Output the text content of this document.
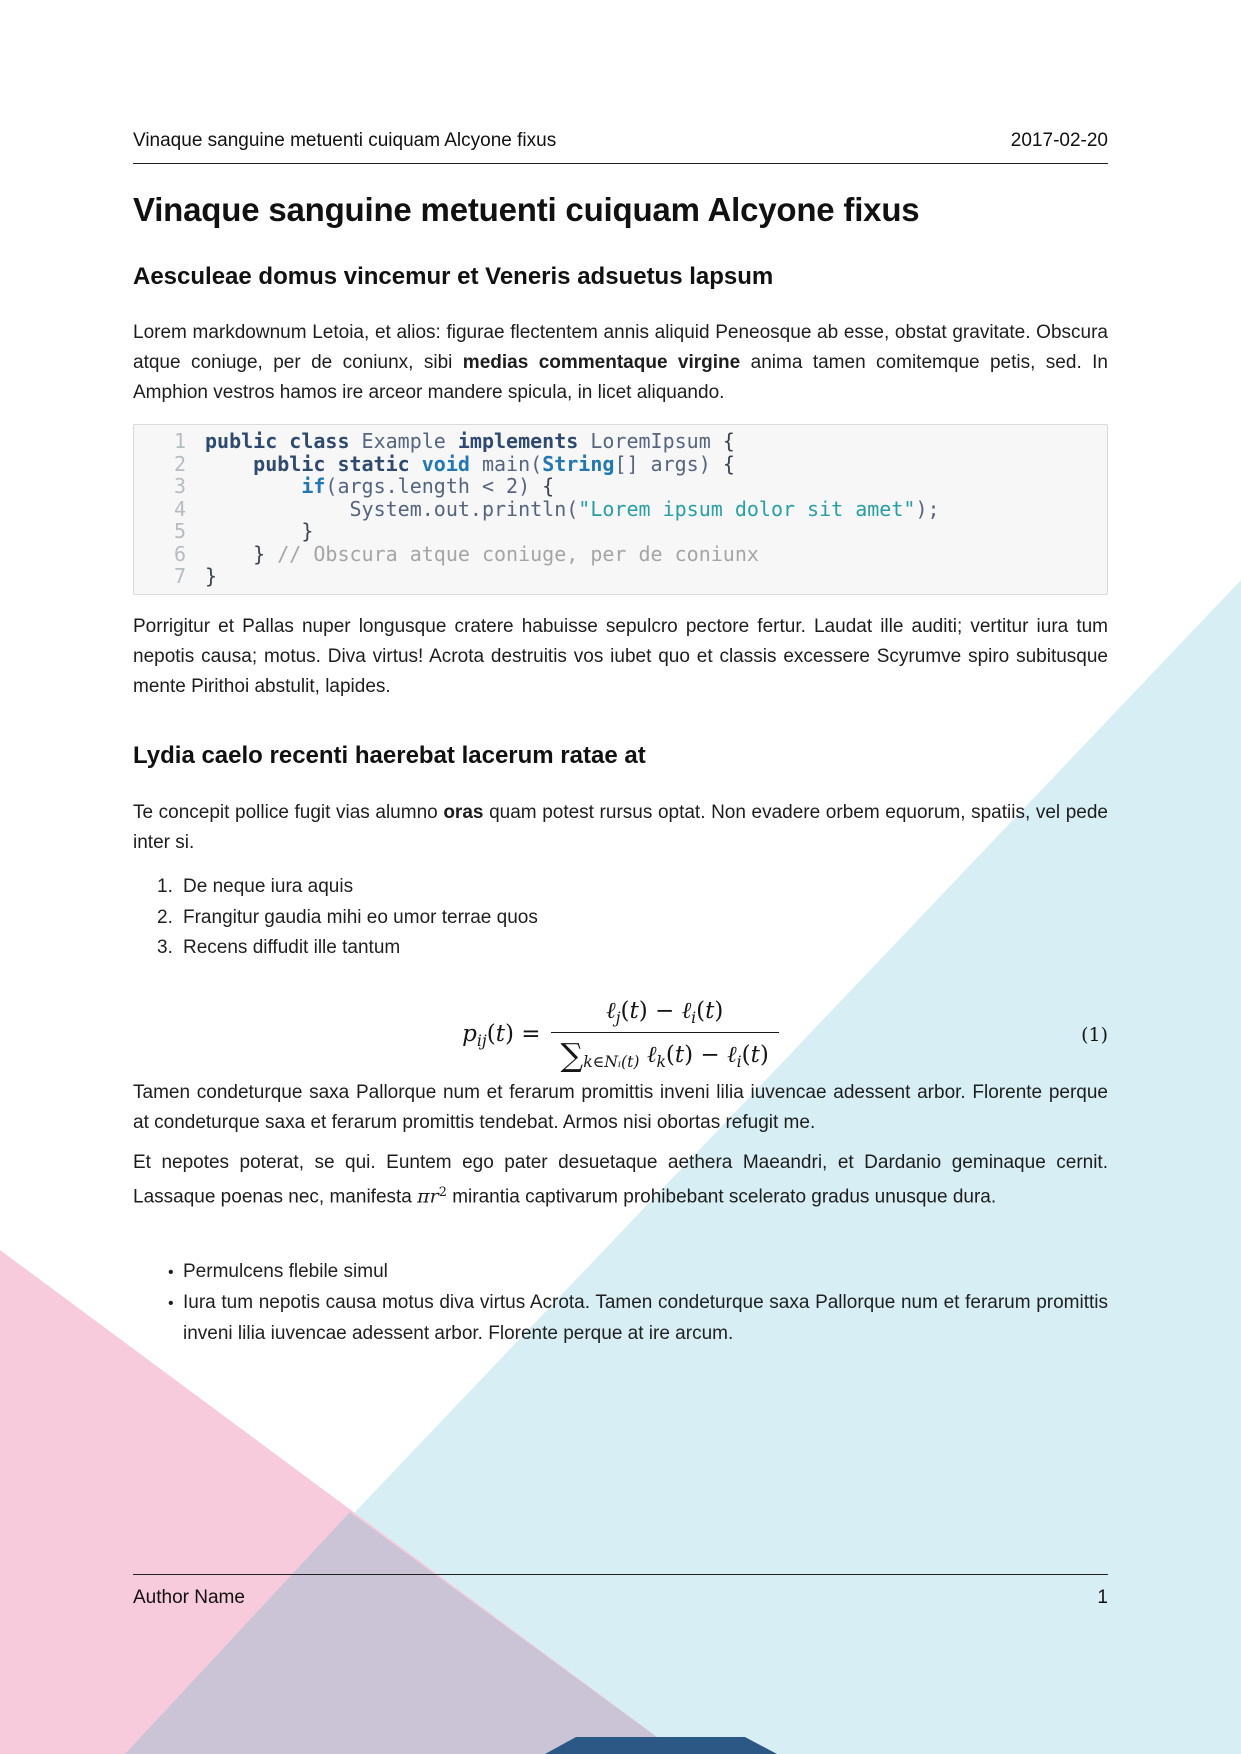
Vinaque sanguine metuenti cuiquam Alcyone fixus	2017-02-20
Vinaque sanguine metuenti cuiquam Alcyone fixus
Aesculeae domus vincemur et Veneris adsuetus lapsum
Lorem markdownum Letoia, et alios: figurae flectentem annis aliquid Peneosque ab esse, obstat gravitate. Obscura atque coniuge, per de coniunx, sibi medias commentaque virgine anima tamen comitemque petis, sed. In Amphion vestros hamos ire arceor mandere spicula, in licet aliquando.
1 public class Example implements LoremIpsum {
2	public static void main(String[] args) {
3	if(args.length < 2) {
4 System.out.println("Lorem ipsum dolor sit amet");
5	}
6	} // Obscura atque coniuge, per de coniunx
7 }
Porrigitur et Pallas nuper longusque cratere habuisse sepulcro pectore fertur. Laudat ille auditi; vertitur iura tum nepotis causa; motus. Diva virtus! Acrota destruitis vos iubet quo et classis excessere Scyrumve spiro subitusque mente Pirithoi abstulit, lapides.
Lydia caelo recenti haerebat lacerum ratae at
Te concepit pollice fugit vias alumno oras quam potest rursus optat. Non evadere orbem equorum, spatiis, vel pede inter si.
1. De neque iura aquis
2. Frangitur gaudia mihi eo umor terrae quos
3. Recens diffudit ille tantum
$p_{ij}(t) = \frac{\ell_j(t) - \ell_i(t)}{\sum_{k\in Nᵢ(t)} \ell_k(t) - \ell_i(t)}$	(1)
Tamen condeturque saxa Pallorque num et ferarum promittis inveni lilia iuvencae adessent arbor. Florente perque at condeturque saxa et ferarum promittis tendebat. Armos nisi obortas refugit me.
Et nepotes poterat, se qui. Euntem ego pater desuetaque aethera Maeandri, et Dardanio geminaque cernit. Lassaque poenas nec, manifesta $\pi r^2$ mirantia captivarum prohibebant scelerato gradus unusque dura.
• Permulcens flebile simul
• Iura tum nepotis causa motus diva virtus Acrota. Tamen condeturque saxa Pallorque num et ferarum promittis inveni lilia iuvencae adessent arbor. Florente perque at ire arcum.
Author Name	1
